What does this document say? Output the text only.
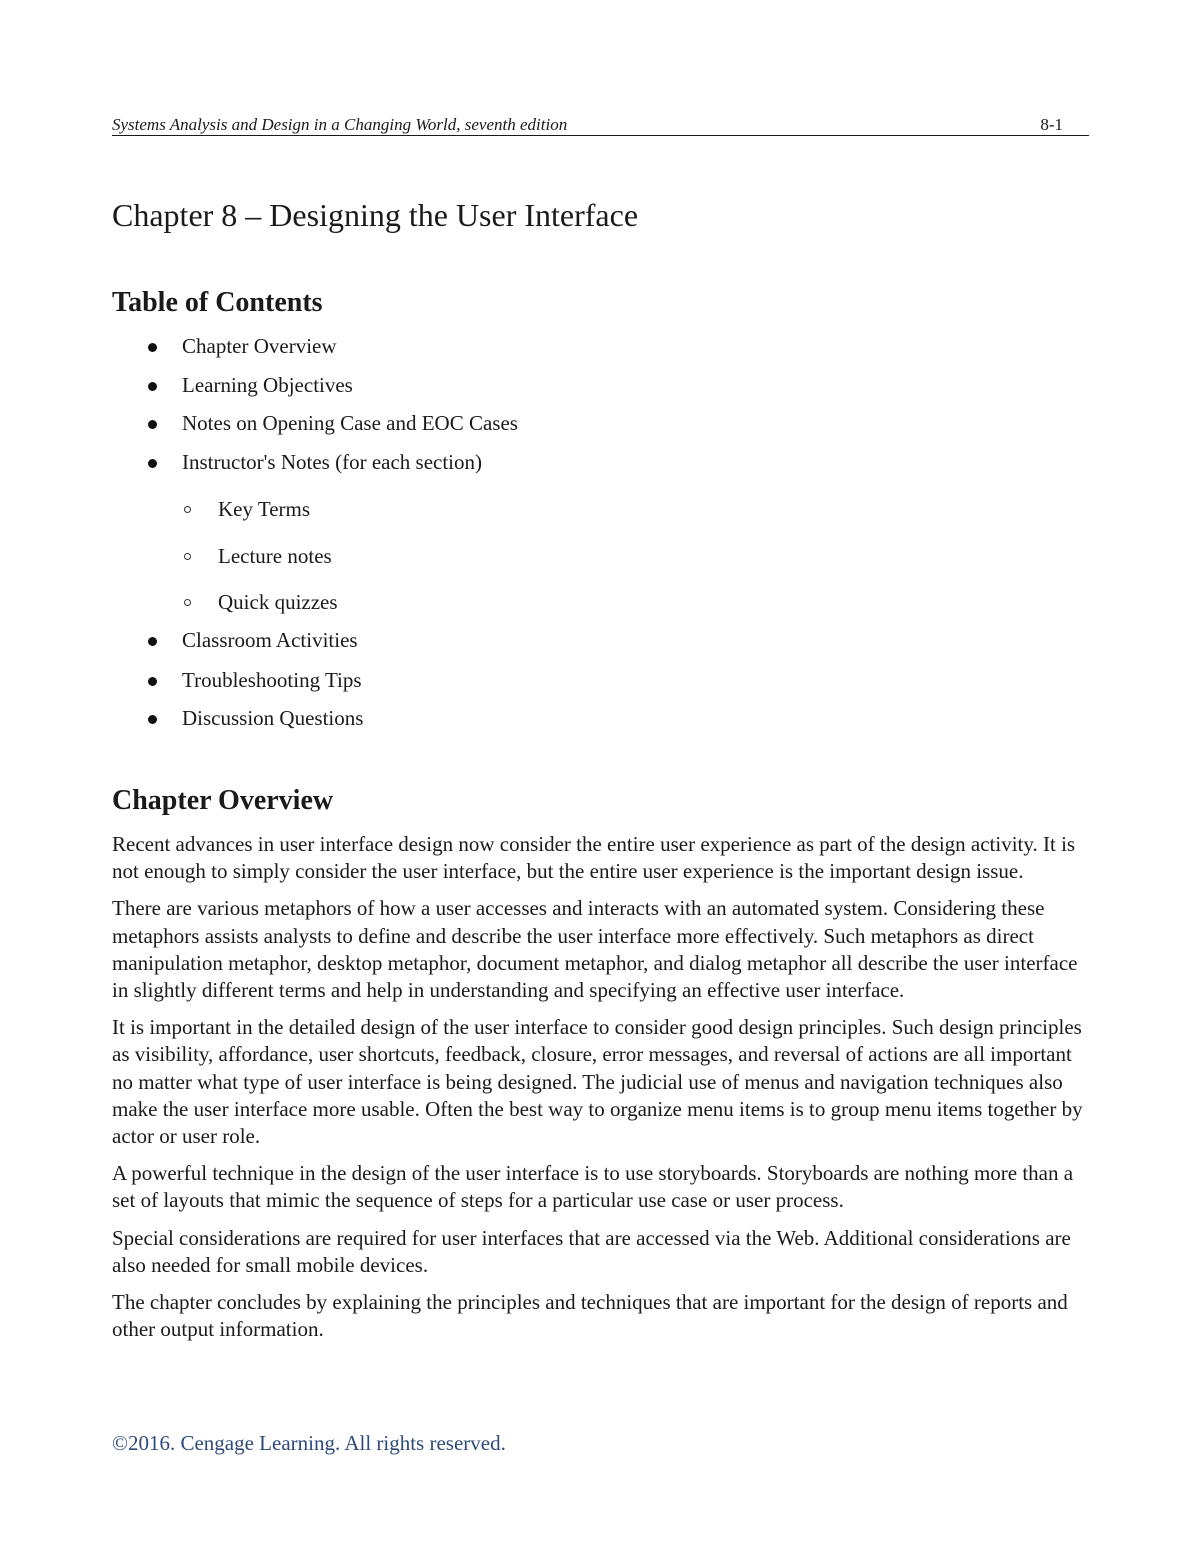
Systems Analysis and Design in a Changing World, seventh edition	8-1
Chapter 8 – Designing the User Interface
Table of Contents
Chapter Overview
Learning Objectives
Notes on Opening Case and EOC Cases
Instructor's Notes (for each section)
Key Terms
Lecture notes
Quick quizzes
Classroom Activities
Troubleshooting Tips
Discussion Questions
Chapter Overview

Recent advances in user interface design now consider the entire user experience as part of the design activity. It is not enough to simply consider the user interface, but the entire user experience is the important design issue.

There are various metaphors of how a user accesses and interacts with an automated system. Considering these metaphors assists analysts to define and describe the user interface more effectively. Such metaphors as direct manipulation metaphor, desktop metaphor, document metaphor, and dialog metaphor all describe the user interface in slightly different terms and help in understanding and specifying an effective user interface.

It is important in the detailed design of the user interface to consider good design principles. Such design principles as visibility, affordance, user shortcuts, feedback, closure, error messages, and reversal of actions are all important no matter what type of user interface is being designed. The judicial use of menus and navigation techniques also make the user interface more usable. Often the best way to organize menu items is to group menu items together by actor or user role.

A powerful technique in the design of the user interface is to use storyboards. Storyboards are nothing more than a set of layouts that mimic the sequence of steps for a particular use case or user process.

Special considerations are required for user interfaces that are accessed via the Web. Additional considerations are also needed for small mobile devices.

The chapter concludes by explaining the principles and techniques that are important for the design of reports and other output information.

©2016. Cengage Learning. All rights reserved.
